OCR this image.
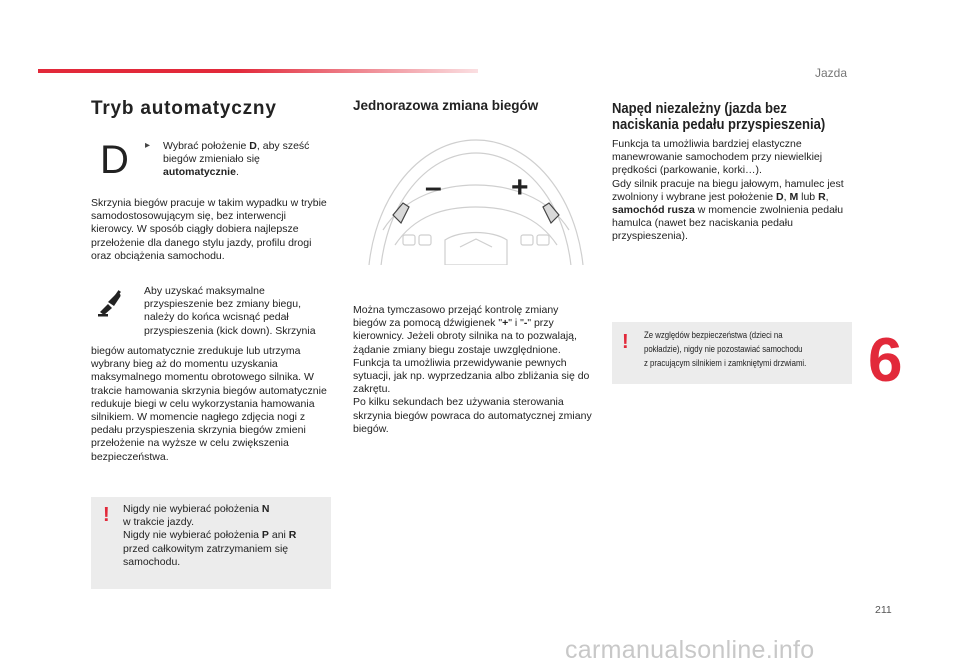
Jazda
Tryb automatyczny
D ▸ Wybrać położenie D, aby sześć biegów zmieniało się automatycznie.

Skrzynia biegów pracuje w takim wypadku w trybie samodostosowującym się, bez interwencji kierowcy. W sposób ciągły dobiera najlepsze przełożenie dla danego stylu jazdy, profilu drogi oraz obciążenia samochodu.

Aby uzyskać maksymalne przyspieszenie bez zmiany biegu, należy do końca wcisnąć pedał przyspieszenia (kick down). Skrzynia

biegów automatycznie zredukuje lub utrzyma wybrany bieg aż do momentu uzyskania maksymalnego momentu obrotowego silnika. W trakcie hamowania skrzynia biegów automatycznie redukuje biegi w celu wykorzystania hamowania silnikiem. W momencie nagłego zdjęcia nogi z pedału przyspieszenia skrzynia biegów zmieni przełożenie na wyższe w celu zwiększenia bezpieczeństwa.

! Nigdy nie wybierać położenia N
w trakcie jazdy.
Nigdy nie wybierać położenia P ani R
przed całkowitym zatrzymaniem się samochodu.

Jednorazowa zmiana biegów
– +

Można tymczasowo przejąć kontrolę zmiany biegów za pomocą dźwigienek "+" i "-" przy kierownicy. Jeżeli obroty silnika na to pozwalają, żądanie zmiany biegu zostaje uwzględnione.

Funkcja ta umożliwia przewidywanie pewnych sytuacji, jak np. wyprzedzania albo zbliżania się do zakrętu.

Po kilku sekundach bez używania sterowania skrzynia biegów powraca do automatycznej zmiany biegów.

Napęd niezależny (jazda bez naciskania pedału przyspieszenia)

Funkcja ta umożliwia bardziej elastyczne manewrowanie samochodem przy niewielkiej prędkości (parkowanie, korki…).

Gdy silnik pracuje na biegu jałowym, hamulec jest zwolniony i wybrane jest położenie D, M lub R, samochód rusza w momencie zwolnienia pedału hamulca (nawet bez naciskania pedału przyspieszenia).

! Ze względów bezpieczeństwa (dzieci na
pokładzie), nigdy nie pozostawiać samochodu
z pracującym silnikiem i zamkniętymi drzwiami. 6
211
carmanualsonline.info
